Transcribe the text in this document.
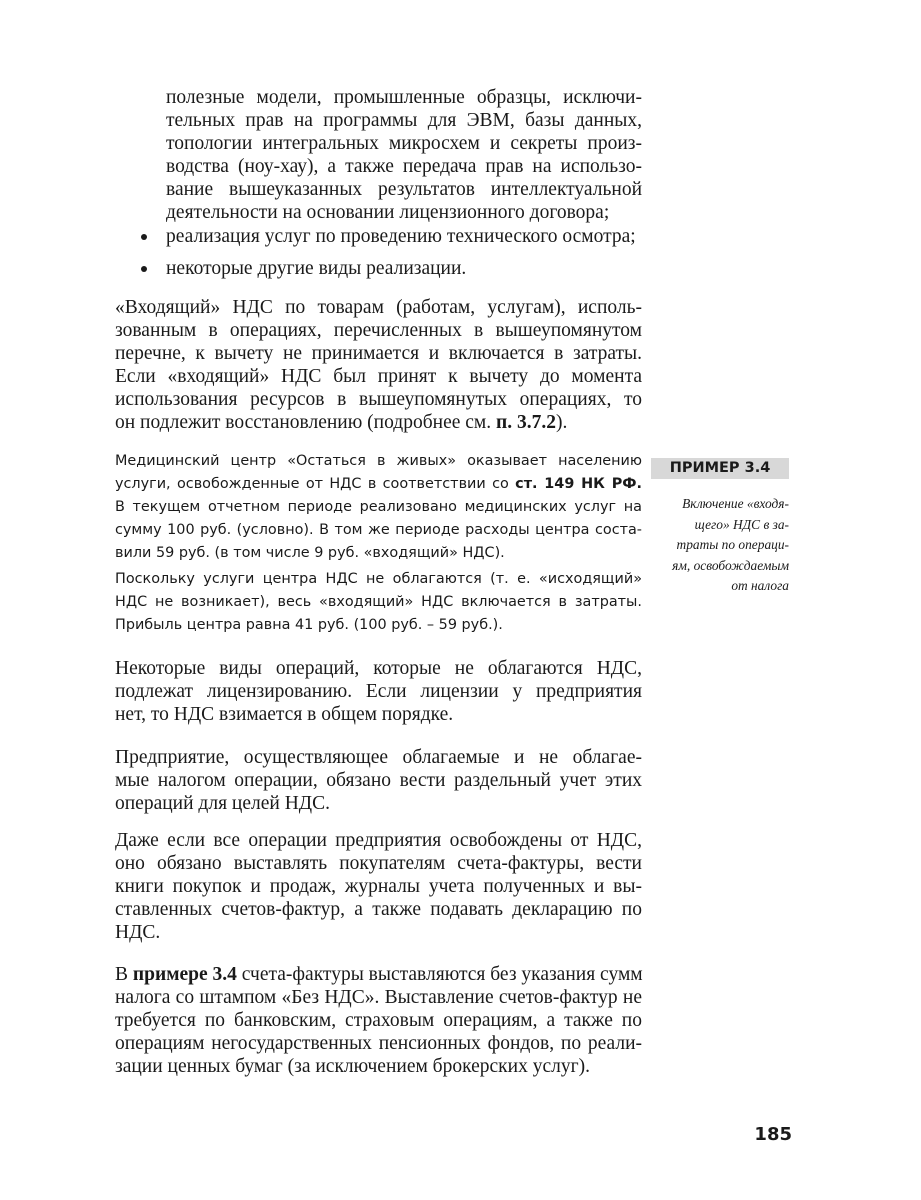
полезные модели, промышленные образцы, исключи-
тельных прав на программы для ЭВМ, базы данных,
топологии интегральных микросхем и секреты произ-
водства (ноу-хау), а также передача прав на использо-
вание вышеуказанных результатов интеллектуальной
деятельности на основании лицензионного договора;
реализация услуг по проведению технического осмотра;
некоторые другие виды реализации.
«Входящий» НДС по товарам (работам, услугам), исполь-
зованным в операциях, перечисленных в вышеупомянутом
перечне, к вычету не принимается и включается в затраты.
Если «входящий» НДС был принят к вычету до момента
использования ресурсов в вышеупомянутых операциях, то
он подлежит восстановлению (подробнее см. п. 3.7.2).
Медицинский центр «Остаться в живых» оказывает населению
услуги, освобожденные от НДС в соответствии со ст. 149 НК РФ.
В текущем отчетном периоде реализовано медицинских услуг на
сумму 100 руб. (условно). В том же периоде расходы центра соста-
вили 59 руб. (в том числе 9 руб. «входящий» НДС).
Поскольку услуги центра НДС не облагаются (т. е. «исходящий»
НДС не возникает), весь «входящий» НДС включается в затраты.
Прибыль центра равна 41 руб. (100 руб. – 59 руб.).
ПРИМЕР 3.4
Включение «входя-
щего» НДС в за-
траты по операци-
ям, освобождаемым
от налога
Некоторые виды операций, которые не облагаются НДС,
подлежат лицензированию. Если лицензии у предприятия
нет, то НДС взимается в общем порядке.
Предприятие, осуществляющее облагаемые и не облагае-
мые налогом операции, обязано вести раздельный учет этих
операций для целей НДС.
Даже если все операции предприятия освобождены от НДС,
оно обязано выставлять покупателям счета-фактуры, вести
книги покупок и продаж, журналы учета полученных и вы-
ставленных счетов-фактур, а также подавать декларацию по
НДС.
В примере 3.4 счета-фактуры выставляются без указания сумм
налога со штампом «Без НДС». Выставление счетов-фактур не
требуется по банковским, страховым операциям, а также по
операциям негосударственных пенсионных фондов, по реали-
зации ценных бумаг (за исключением брокерских услуг).
185
